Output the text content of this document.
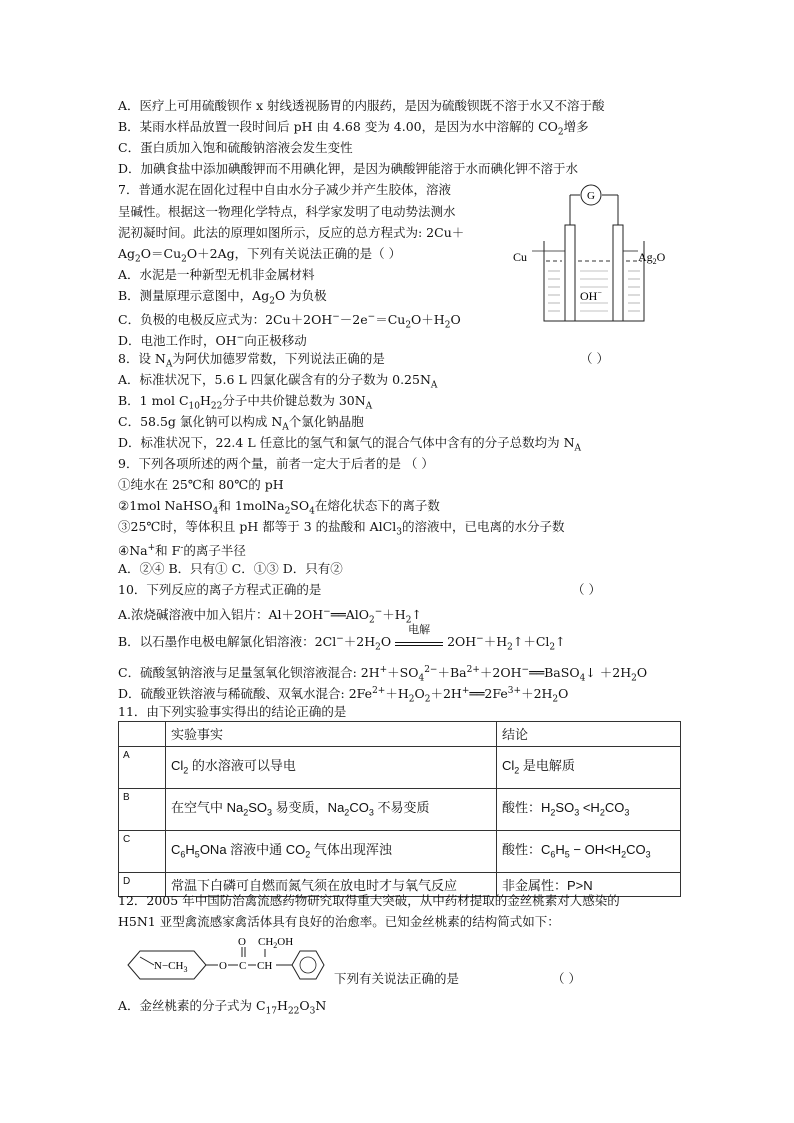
A．医疗上可用硫酸钡作 x 射线透视肠胃的内服药，是因为硫酸钡既不溶于水又不溶于酸
B．某雨水样品放置一段时间后 pH 由 4.68 变为 4.00，是因为水中溶解的 $CO_2$增多
C．蛋白质加入饱和硫酸钠溶液会发生变性
D．加碘食盐中添加碘酸钾而不用碘化钾，是因为碘酸钾能溶于水而碘化钾不溶于水
7．普通水泥在固化过程中自由水分子减少并产生胶体，溶液
呈碱性。根据这一物理化学特点，科学家发明了电动势法测水
泥初凝时间。此法的原理如图所示，反应的总方程式为: 2Cu＋
$Ag_2O=Cu_2O+2Ag$，下列有关说法正确的是（ ）
A．水泥是一种新型无机非金属材料
B．测量原理示意图中，$Ag_2O$ 为负极
C．负极的电极反应式为：$2Cu+2OH^--2e^-=Cu_2O+H_2O$
D．电池工作时，OH−向正极移动
G
Cu	$Ag_2O$
OH−
8．设 $N_A$为阿伏加德罗常数，下列说法正确的是	（ ）
A．标准状况下，5.6 L 四氯化碳含有的分子数为 $0.25N_A$
B．1 mol $C_{10}H_{22}$分子中共价键总数为 $30N_A$
C．58.5g 氯化钠可以构成 $N_A$个氯化钠晶胞
D．标准状况下，22.4 L 任意比的氢气和氯气的混合气体中含有的分子总数均为 $N_A$
9．下列各项所述的两个量，前者一定大于后者的是 （ ）
①纯水在 25℃和 80℃的 pH
②1mol NaHSO$_4$和 $1molNa_2SO_4$在熔化状态下的离子数
③25℃时，等体积且 pH 都等于 3 的盐酸和 AlCl$_3$的溶液中，已电离的水分子数
④Na+和 F-的离子半径
A．②④ B．只有① C．①③ D．只有②
10．下列反应的离子方程式正确的是	（ ）
A.浓烧碱溶液中加入铝片：$Al+2OH^-══AlO_2^-+H_2↑$
B．以石墨作电极电解氯化铝溶液：$2Cl^-+2H_2O$
电解
$2OH^-+H_2↑+Cl_2↑$
C．硫酸氢钠溶液与足量氢氧化钡溶液混合: $2H^++SO_4^{2-}+Ba^{2+}+2OH^-══BaSO_4↓ +2H_2O$
D．硫酸亚铁溶液与稀硫酸、双氧水混合: $2Fe^{2+}+H_2O_2+2H^+══2Fe^{3+}+2H_2O$
11．由下列实验事实得出的结论正确的是

	实验事实	结论

A	$Cl_2$ 的水溶液可以导电	$Cl_2$ 是电解质

B	在空气中 $Na_2SO_3$ 易变质，$Na_2CO_3$ 不易变质	酸性：$H_2SO_3 <H_2CO_3$

C	$C_6H_5ONa$ 溶液中通 $CO_2$ 气体出现浑浊	酸性：$C_6H_5 - OH<H_2CO_3$

D	常温下白磷可自燃而氮气须在放电时才与氧气反应	非金属性：P>N
12．2005 年中国防治禽流感药物研究取得重大突破，从中药材提取的金丝桃素对人感染的
H5N1 亚型禽流感家禽活体具有良好的治愈率。已知金丝桃素的结构简式如下：
$N-CH_3$	O C
O
CH
$CH_2OH$
下列有关说法正确的是	（ ）
A．金丝桃素的分子式为 $C_{17}H_{22}O_3N$
